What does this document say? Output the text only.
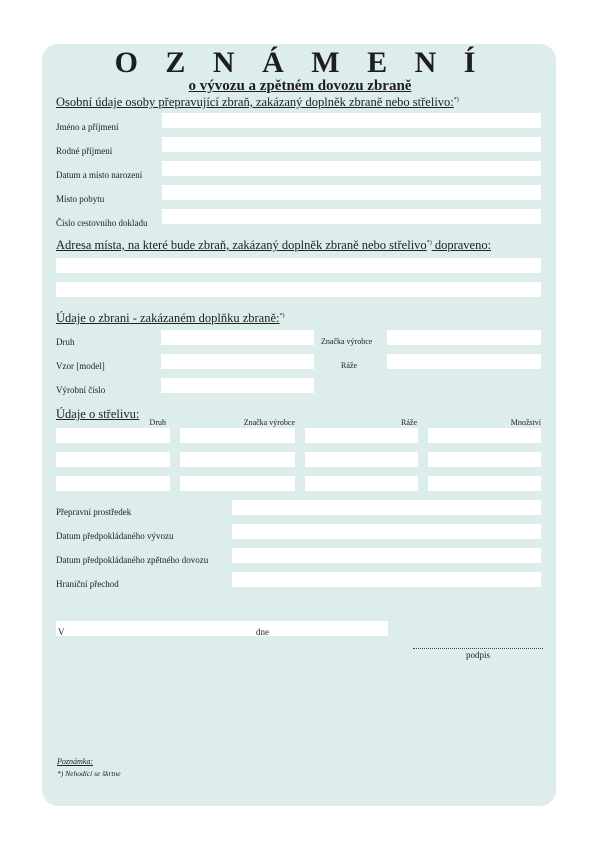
O Z N Á M E N Í
o vývozu a zpětném dovozu zbraně
Osobní údaje osoby přepravující zbraň, zakázaný doplněk zbraně nebo střelivo:*)
Jméno a příjmení
Rodné příjmení
Datum a místo narození
Místo pobytu
Číslo cestovního dokladu
Adresa místa, na které bude zbraň, zakázaný doplněk zbraně nebo střelivo*) dopraveno:
Údaje o zbrani - zakázaném doplňku zbraně:*)
Druh	Značka výrobce
Vzor [model]	Ráže
Výrobní číslo
Údaje o střelivu:
Druh	Značka výrobce	Ráže	Množství
Přepravní prostředek
Datum předpokládaného vývozu
Datum předpokládaného zpětného dovozu
Hraniční přechod
V	dne
podpis
Poznámka:
*) Nehodící se škrtne
